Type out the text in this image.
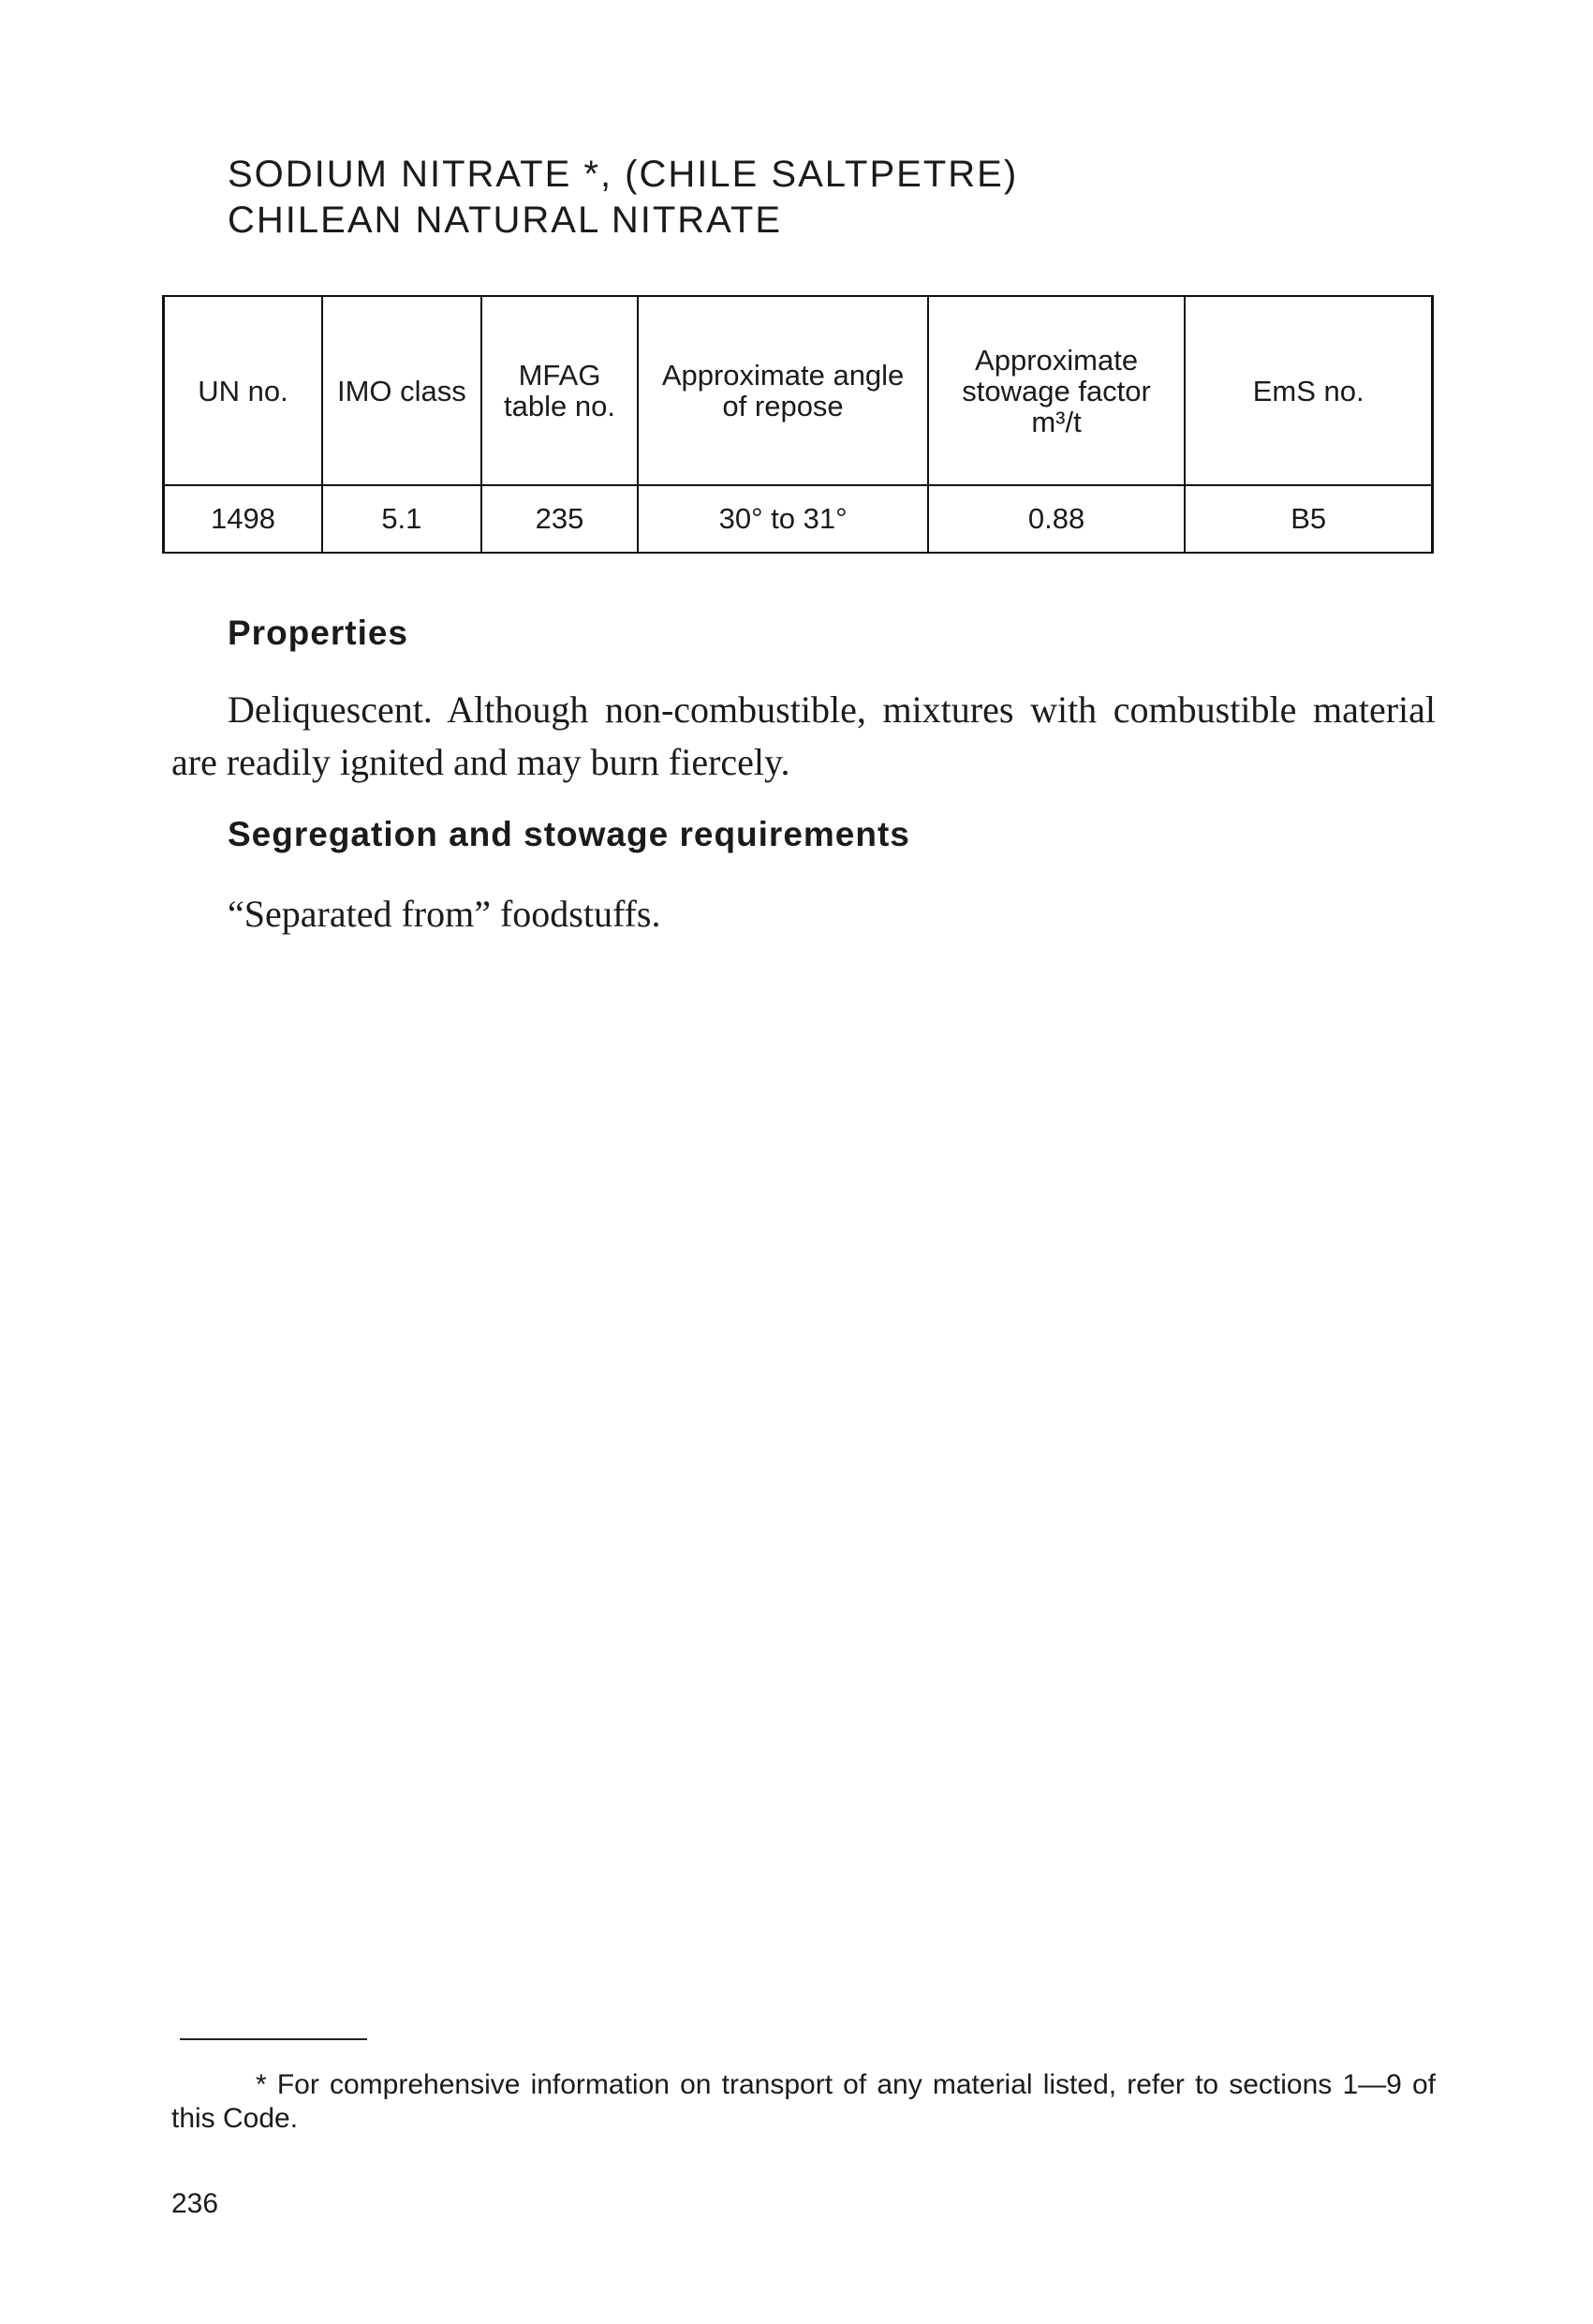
SODIUM NITRATE *, (CHILE SALTPETRE)
CHILEAN NATURAL NITRATE
UN no.	IMO class	MFAG table no.	Approximate angle of repose	Approximate stowage factor m³/t	EmS no.
1498	5.1	235	30° to 31°	0.88	B5
Properties

Deliquescent. Although non-combustible, mixtures with combustible material are readily ignited and may burn fiercely.

Segregation and stowage requirements

“Separated from” foodstuffs.

* For comprehensive information on transport of any material listed, refer to sections 1—9 of this Code.

236
